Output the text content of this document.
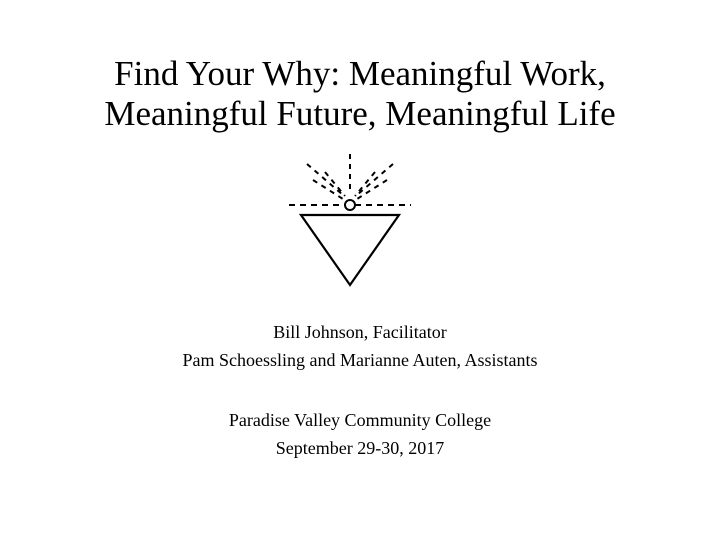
Find Your Why: Meaningful Work,
Meaningful Future, Meaningful Life
Bill Johnson, Facilitator
Pam Schoessling and Marianne Auten, Assistants
Paradise Valley Community College
September 29-30, 2017
